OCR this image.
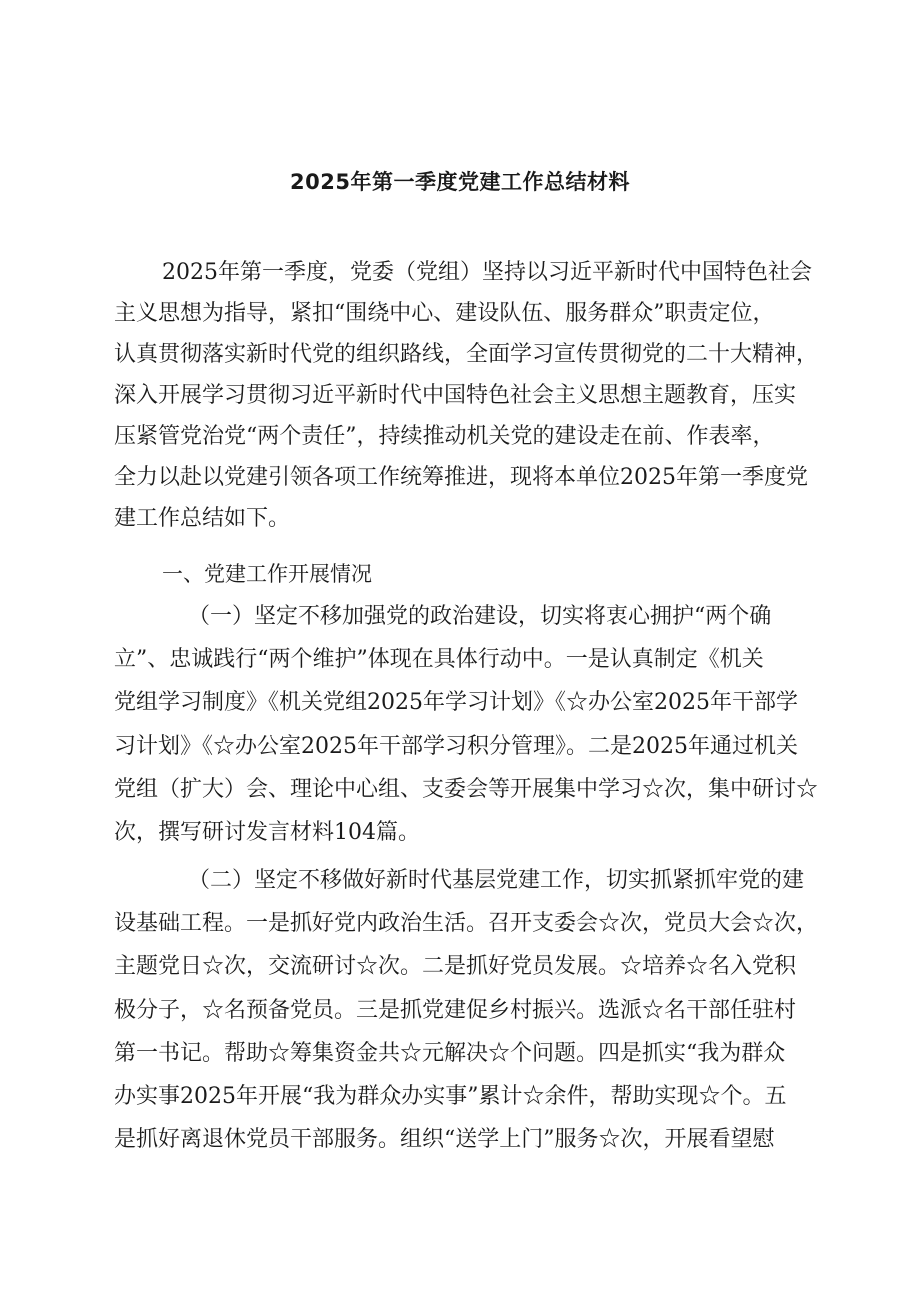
2025年第一季度党建工作总结材料
2025年第一季度，党委（党组）坚持以习近平新时代中国特色社会
主义思想为指导，紧扣“围绕中心、建设队伍、服务群众”职责定位，
认真贯彻落实新时代党的组织路线，全面学习宣传贯彻党的二十大精神，
深入开展学习贯彻习近平新时代中国特色社会主义思想主题教育，压实
压紧管党治党“两个责任”，持续推动机关党的建设走在前、作表率，
全力以赴以党建引领各项工作统筹推进，现将本单位2025年第一季度党
建工作总结如下。
一、党建工作开展情况
（一）坚定不移加强党的政治建设，切实将衷心拥护“两个确
立”、忠诚践行“两个维护”体现在具体行动中。一是认真制定《机关
党组学习制度》《机关党组2025年学习计划》《☆办公室2025年干部学
习计划》《☆办公室2025年干部学习积分管理》。二是2025年通过机关
党组（扩大）会、理论中心组、支委会等开展集中学习☆次，集中研讨☆
次，撰写研讨发言材料104篇。
（二）坚定不移做好新时代基层党建工作，切实抓紧抓牢党的建
设基础工程。一是抓好党内政治生活。召开支委会☆次，党员大会☆次，
主题党日☆次，交流研讨☆次。二是抓好党员发展。☆培养☆名入党积
极分子，☆名预备党员。三是抓党建促乡村振兴。选派☆名干部任驻村
第一书记。帮助☆筹集资金共☆元解决☆个问题。四是抓实“我为群众
办实事2025年开展“我为群众办实事”累计☆余件，帮助实现☆个。五
是抓好离退休党员干部服务。组织“送学上门”服务☆次，开展看望慰
